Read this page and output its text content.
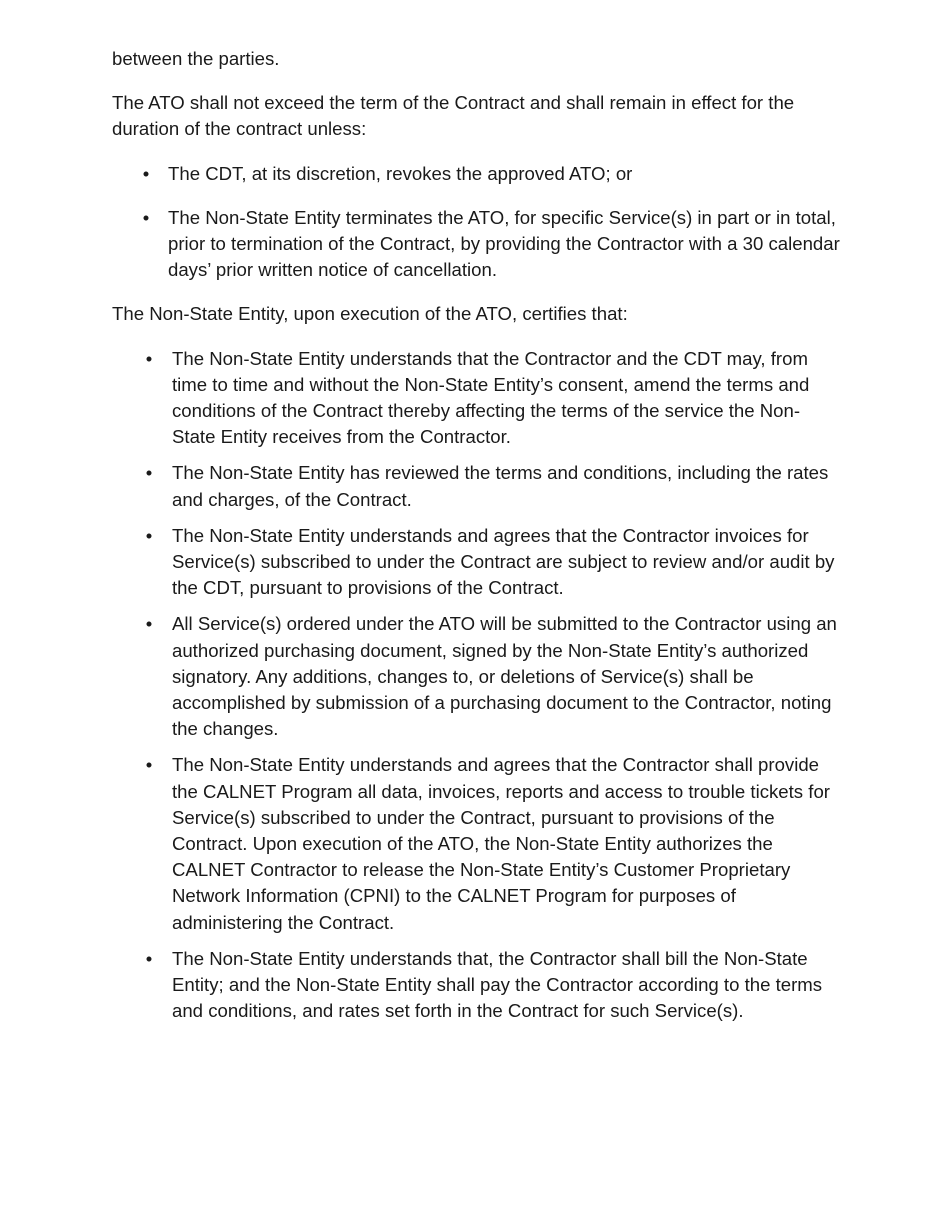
between the parties.

The ATO shall not exceed the term of the Contract and shall remain in effect for the duration of the contract unless:

•
The CDT, at its discretion, revokes the approved ATO; or
•
The Non-State Entity terminates the ATO, for specific Service(s) in part or in total, prior to termination of the Contract, by providing the Contractor with a 30 calendar days’ prior written notice of cancellation.

The Non-State Entity, upon execution of the ATO, certifies that:

•
The Non-State Entity understands that the Contractor and the CDT may, from time to time and without the Non-State Entity’s consent, amend the terms and conditions of the Contract thereby affecting the terms of the service the Non-State Entity receives from the Contractor.
•
The Non-State Entity has reviewed the terms and conditions, including the rates and charges, of the Contract.
•
The Non-State Entity understands and agrees that the Contractor invoices for Service(s) subscribed to under the Contract are subject to review and/or audit by the CDT, pursuant to provisions of the Contract.
•
All Service(s) ordered under the ATO will be submitted to the Contractor using an authorized purchasing document, signed by the Non-State Entity’s authorized signatory. Any additions, changes to, or deletions of Service(s) shall be accomplished by submission of a purchasing document to the Contractor, noting the changes.
•
The Non-State Entity understands and agrees that the Contractor shall provide the CALNET Program all data, invoices, reports and access to trouble tickets for Service(s) subscribed to under the Contract, pursuant to provisions of the Contract. Upon execution of the ATO, the Non-State Entity authorizes the CALNET Contractor to release the Non-State Entity’s Customer Proprietary Network Information (CPNI) to the CALNET Program for purposes of administering the Contract.
•
The Non-State Entity understands that, the Contractor shall bill the Non-State Entity; and the Non-State Entity shall pay the Contractor according to the terms and conditions, and rates set forth in the Contract for such Service(s).
